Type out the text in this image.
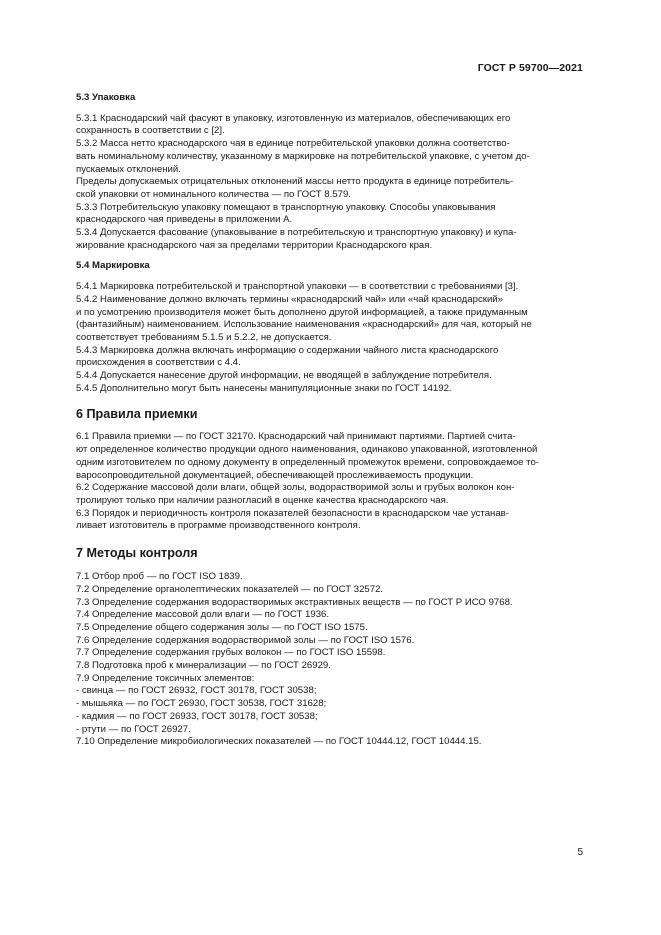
ГОСТ Р 59700—2021
5
5.3 Упаковка
5.3.1 Краснодарский чай фасуют в упаковку, изготовленную из материалов, обеспечивающих его
сохранность в соответствии с [2].
5.3.2 Масса нетто краснодарского чая в единице потребительской упаковки должна соответство-
вать номинальному количеству, указанному в маркировке на потребительской упаковке, с учетом до-
пускаемых отклонений.
Пределы допускаемых отрицательных отклонений массы нетто продукта в единице потребитель-
ской упаковки от номинального количества — по ГОСТ 8.579.
5.3.3 Потребительскую упаковку помещают в транспортную упаковку. Способы упаковывания
краснодарского чая приведены в приложении А.
5.3.4 Допускается фасование (упаковывание в потребительскую и транспортную упаковку) и купа-
жирование краснодарского чая за пределами территории Краснодарского края.
5.4 Маркировка
5.4.1 Маркировка потребительской и транспортной упаковки — в соответствии с требованиями [3].
5.4.2 Наименование должно включать термины «краснодарский чай» или «чай краснодарский»
и по усмотрению производителя может быть дополнено другой информацией, а также придуманным
(фантазийным) наименованием. Использование наименования «краснодарский» для чая, который не
соответствует требованиям 5.1.5 и 5.2.2, не допускается.
5.4.3 Маркировка должна включать информацию о содержании чайного листа краснодарского
происхождения в соответствии с 4.4.
5.4.4 Допускается нанесение другой информации, не вводящей в заблуждение потребителя.
5.4.5 Дополнительно могут быть нанесены манипуляционные знаки по ГОСТ 14192.
6 Правила приемки
6.1 Правила приемки — по ГОСТ 32170. Краснодарский чай принимают партиями. Партией счита-
ют определенное количество продукции одного наименования, одинаково упакованной, изготовленной
одним изготовителем по одному документу в определенный промежуток времени, сопровождаемое то-
варосопроводительной документацией, обеспечивающей прослеживаемость продукции.
6.2 Содержание массовой доли влаги, общей золы, водорастворимой золы и грубых волокон кон-
тролируют только при наличии разногласий в оценке качества краснодарского чая.
6.3 Порядок и периодичность контроля показателей безопасности в краснодарском чае устанав-
ливает изготовитель в программе производственного контроля.
7 Методы контроля
7.1 Отбор проб — по ГОСТ ISO 1839.
7.2 Определение органолептических показателей — по ГОСТ 32572.
7.3 Определение содержания водорастворимых экстрактивных веществ — по ГОСТ Р ИСО 9768.
7.4 Определение массовой доли влаги — по ГОСТ 1936.
7.5 Определение общего содержания золы — по ГОСТ ISO 1575.
7.6 Определение содержания водорастворимой золы — по ГОСТ ISO 1576.
7.7 Определение содержания грубых волокон — по ГОСТ ISO 15598.
7.8 Подготовка проб к минерализации — по ГОСТ 26929.
7.9 Определение токсичных элементов:
- свинца — по ГОСТ 26932, ГОСТ 30178, ГОСТ 30538;
- мышьяка — по ГОСТ 26930, ГОСТ 30538, ГОСТ 31628;
- кадмия — по ГОСТ 26933, ГОСТ 30178, ГОСТ 30538;
- ртути — по ГОСТ 26927.
7.10 Определение микробиологических показателей — по ГОСТ 10444.12, ГОСТ 10444.15.
